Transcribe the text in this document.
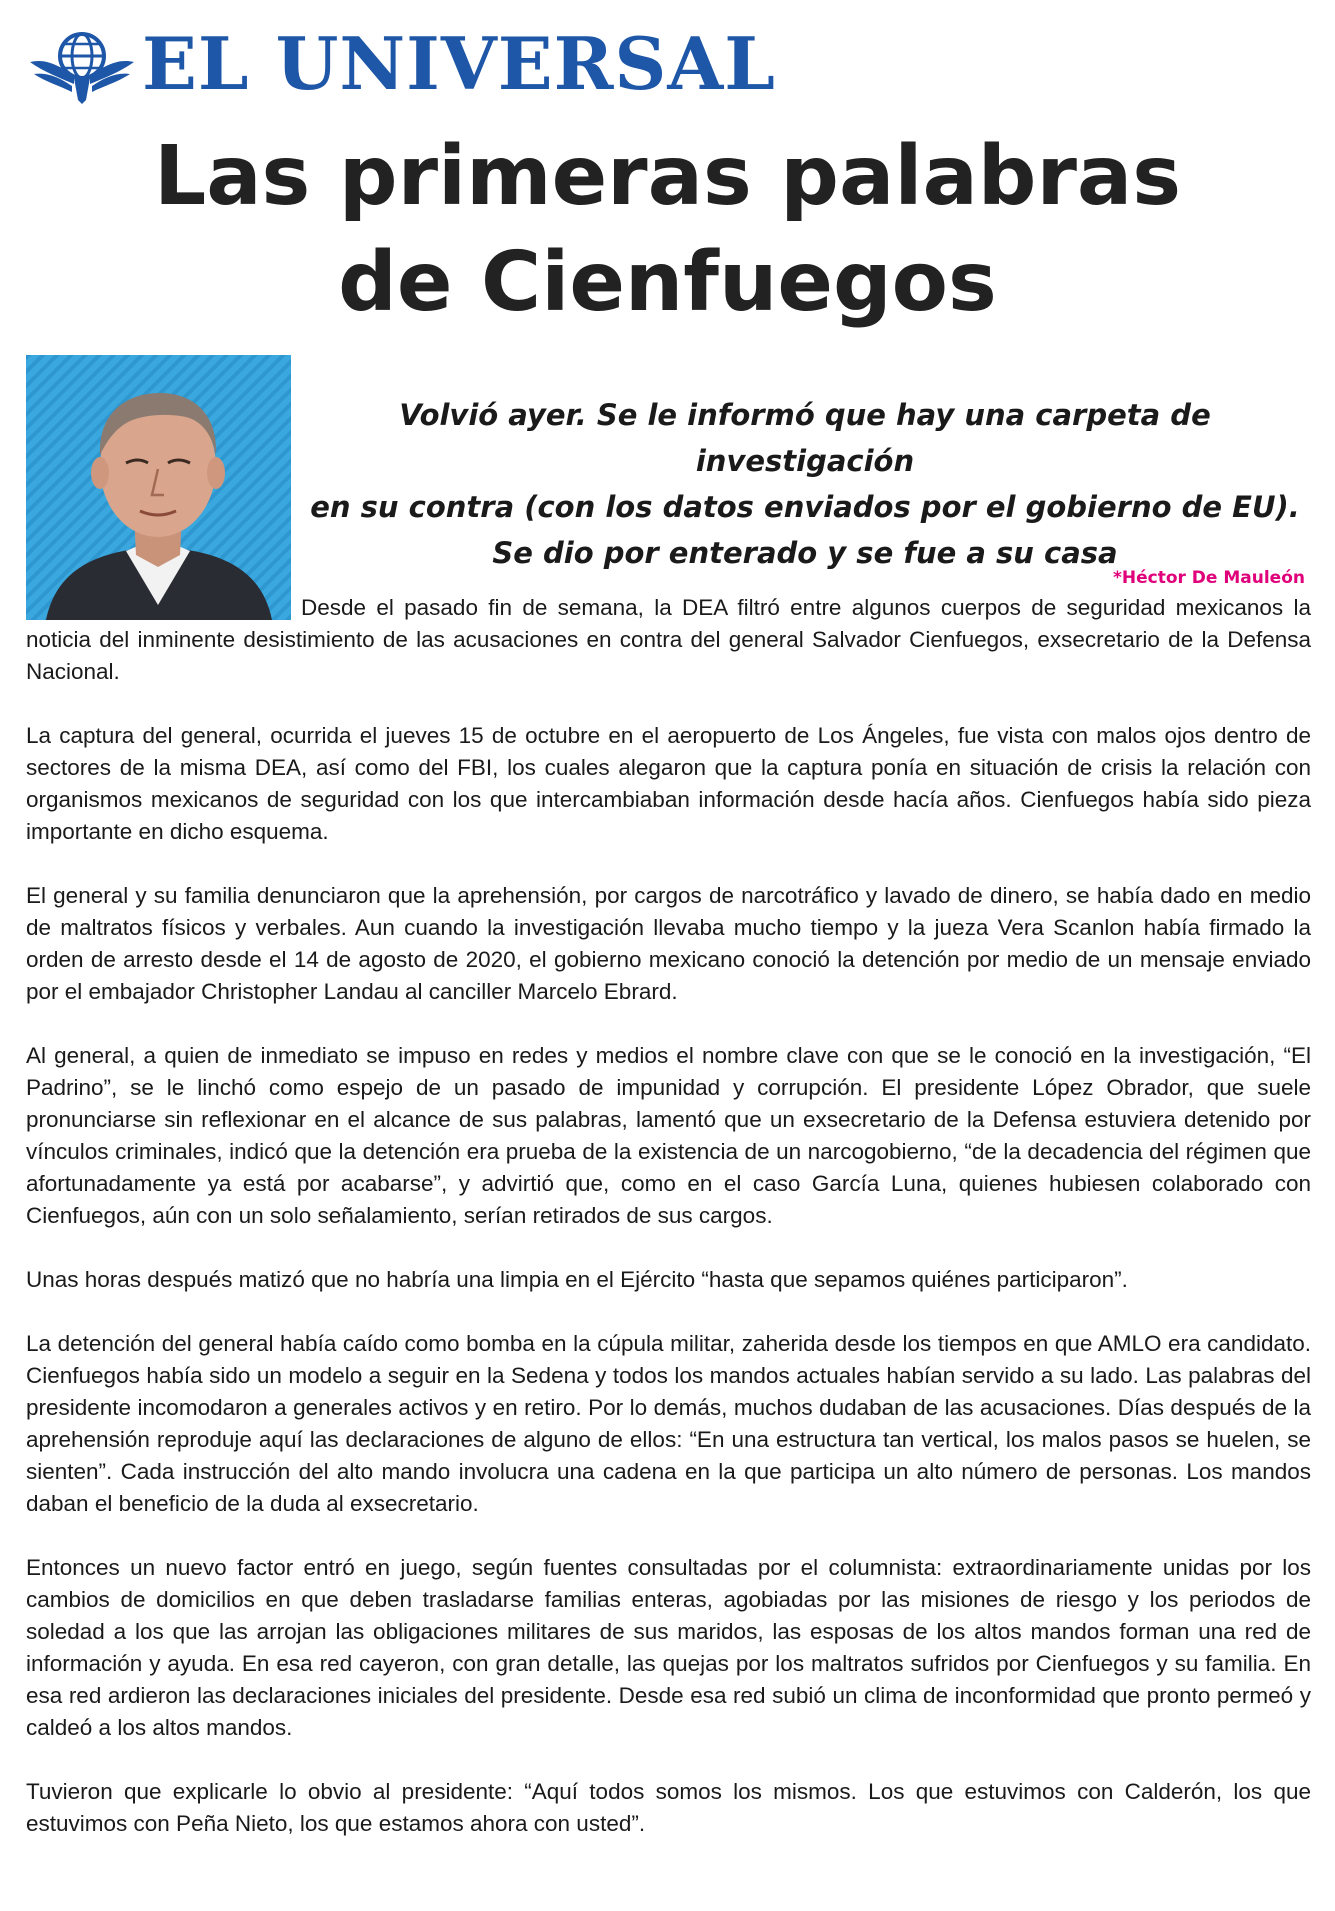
EL UNIVERSAL
Las primeras palabras
de Cienfuegos
Volvió ayer. Se le informó que hay una carpeta de investigación
en su contra (con los datos enviados por el gobierno de EU).
Se dio por enterado y se fue a su casa
*Héctor De Mauleón

Desde el pasado fin de semana, la DEA filtró entre algunos cuerpos de seguridad mexicanos la noticia del inminente desistimiento de las acusaciones en contra del general Salvador Cienfuegos, exsecretario de la Defensa Nacional.

La captura del general, ocurrida el jueves 15 de octubre en el aeropuerto de Los Ángeles, fue vista con malos ojos dentro de sectores de la misma DEA, así como del FBI, los cuales alegaron que la captura ponía en situación de crisis la relación con organismos mexicanos de seguridad con los que intercambiaban información desde hacía años. Cienfuegos había sido pieza importante en dicho esquema.

El general y su familia denunciaron que la aprehensión, por cargos de narcotráfico y lavado de dinero, se había dado en medio de maltratos físicos y verbales. Aun cuando la investigación llevaba mucho tiempo y la jueza Vera Scanlon había firmado la orden de arresto desde el 14 de agosto de 2020, el gobierno mexicano conoció la detención por medio de un mensaje enviado por el embajador Christopher Landau al canciller Marcelo Ebrard.

Al general, a quien de inmediato se impuso en redes y medios el nombre clave con que se le conoció en la investigación, “El Padrino”, se le linchó como espejo de un pasado de impunidad y corrupción. El presidente López Obrador, que suele pronunciarse sin reflexionar en el alcance de sus palabras, lamentó que un exsecretario de la Defensa estuviera detenido por vínculos criminales, indicó que la detención era prueba de la existencia de un narcogobierno, “de la decadencia del régimen que afortunadamente ya está por acabarse”, y advirtió que, como en el caso García Luna, quienes hubiesen colaborado con Cienfuegos, aún con un solo señalamiento, serían retirados de sus cargos.

Unas horas después matizó que no habría una limpia en el Ejército “hasta que sepamos quiénes participaron”.

La detención del general había caído como bomba en la cúpula militar, zaherida desde los tiempos en que AMLO era candidato. Cienfuegos había sido un modelo a seguir en la Sedena y todos los mandos actuales habían servido a su lado. Las palabras del presidente incomodaron a generales activos y en retiro. Por lo demás, muchos dudaban de las acusaciones. Días después de la aprehensión reproduje aquí las declaraciones de alguno de ellos: “En una estructura tan vertical, los malos pasos se huelen, se sienten”. Cada instrucción del alto mando involucra una cadena en la que participa un alto número de personas. Los mandos daban el beneficio de la duda al exsecretario.

Entonces un nuevo factor entró en juego, según fuentes consultadas por el columnista: extraordinariamente unidas por los cambios de domicilios en que deben trasladarse familias enteras, agobiadas por las misiones de riesgo y los periodos de soledad a los que las arrojan las obligaciones militares de sus maridos, las esposas de los altos mandos forman una red de información y ayuda. En esa red cayeron, con gran detalle, las quejas por los maltratos sufridos por Cienfuegos y su familia. En esa red ardieron las declaraciones iniciales del presidente. Desde esa red subió un clima de inconformidad que pronto permeó y caldeó a los altos mandos.

Tuvieron que explicarle lo obvio al presidente: “Aquí todos somos los mismos. Los que estuvimos con Calderón, los que estuvimos con Peña Nieto, los que estamos ahora con usted”.
